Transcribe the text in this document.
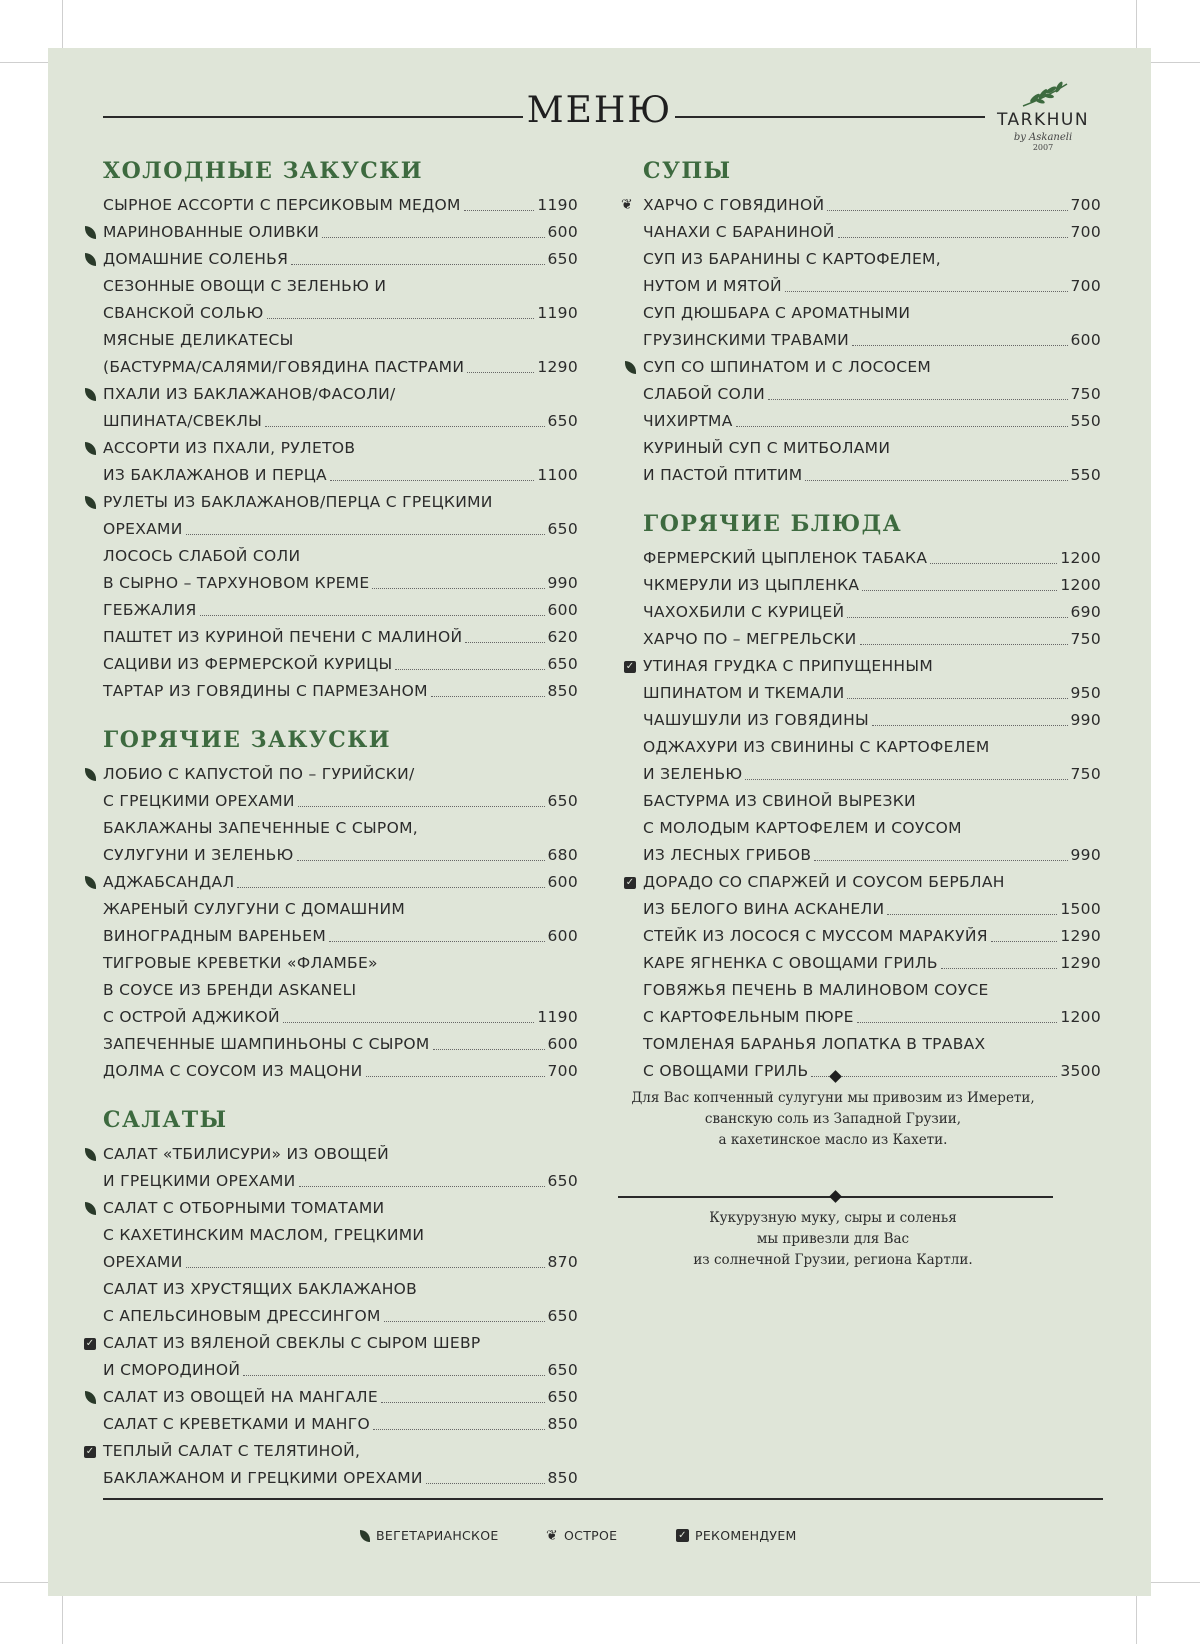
МЕНЮ	TARKHUN
by Askaneli
2007
ХОЛОДНЫЕ ЗАКУСКИ
СЫРНОЕ АССОРТИ С ПЕРСИКОВЫМ МЕДОМ	1190
МАРИНОВАННЫЕ ОЛИВКИ	600
ДОМАШНИЕ СОЛЕНЬЯ	650
СЕЗОННЫЕ ОВОЩИ С ЗЕЛЕНЬЮ И
СВАНСКОЙ СОЛЬЮ	1190
МЯСНЫЕ ДЕЛИКАТЕСЫ
(БАСТУРМА/САЛЯМИ/ГОВЯДИНА ПАСТРАМИ	1290
ПХАЛИ ИЗ БАКЛАЖАНОВ/ФАСОЛИ/
ШПИНАТА/СВЕКЛЫ	650
АССОРТИ ИЗ ПХАЛИ, РУЛЕТОВ
ИЗ БАКЛАЖАНОВ И ПЕРЦА	1100
РУЛЕТЫ ИЗ БАКЛАЖАНОВ/ПЕРЦА С ГРЕЦКИМИ
ОРЕХАМИ	650
ЛОСОСЬ СЛАБОЙ СОЛИ
В СЫРНО – ТАРХУНОВОМ КРЕМЕ	990
ГЕБЖАЛИЯ	600
ПАШТЕТ ИЗ КУРИНОЙ ПЕЧЕНИ С МАЛИНОЙ	620
САЦИВИ ИЗ ФЕРМЕРСКОЙ КУРИЦЫ	650
ТАРТАР ИЗ ГОВЯДИНЫ С ПАРМЕЗАНОМ	850
ГОРЯЧИЕ ЗАКУСКИ
ЛОБИО С КАПУСТОЙ ПО – ГУРИЙСКИ/
С ГРЕЦКИМИ ОРЕХАМИ	650
БАКЛАЖАНЫ ЗАПЕЧЕННЫЕ С СЫРОМ,
СУЛУГУНИ И ЗЕЛЕНЬЮ	680
АДЖАБСАНДАЛ	600
ЖАРЕНЫЙ СУЛУГУНИ С ДОМАШНИМ
ВИНОГРАДНЫМ ВАРЕНЬЕМ	600
ТИГРОВЫЕ КРЕВЕТКИ «ФЛАМБЕ»
В СОУСЕ ИЗ БРЕНДИ ASKANELI
С ОСТРОЙ АДЖИКОЙ	1190
ЗАПЕЧЕННЫЕ ШАМПИНЬОНЫ С СЫРОМ	600
ДОЛМА С СОУСОМ ИЗ МАЦОНИ	700
САЛАТЫ
САЛАТ «ТБИЛИСУРИ» ИЗ ОВОЩЕЙ
И ГРЕЦКИМИ ОРЕХАМИ	650
САЛАТ С ОТБОРНЫМИ ТОМАТАМИ
С КАХЕТИНСКИМ МАСЛОМ, ГРЕЦКИМИ
ОРЕХАМИ	870
САЛАТ ИЗ ХРУСТЯЩИХ БАКЛАЖАНОВ
С АПЕЛЬСИНОВЫМ ДРЕССИНГОМ	650
✓ САЛАТ ИЗ ВЯЛЕНОЙ СВЕКЛЫ С СЫРОМ ШЕВР
И СМОРОДИНОЙ	650
САЛАТ ИЗ ОВОЩЕЙ НА МАНГАЛЕ	650
САЛАТ С КРЕВЕТКАМИ И МАНГО	850
✓ ТЕПЛЫЙ САЛАТ С ТЕЛЯТИНОЙ,
БАКЛАЖАНОМ И ГРЕЦКИМИ ОРЕХАМИ	850
СУПЫ
❦ ХАРЧО С ГОВЯДИНОЙ	700
ЧАНАХИ С БАРАНИНОЙ	700
СУП ИЗ БАРАНИНЫ С КАРТОФЕЛЕМ,
НУТОМ И МЯТОЙ	700
СУП ДЮШБАРА С АРОМАТНЫМИ
ГРУЗИНСКИМИ ТРАВАМИ	600
СУП СО ШПИНАТОМ И С ЛОСОСЕМ
СЛАБОЙ СОЛИ	750
ЧИХИРТМА	550
КУРИНЫЙ СУП С МИТБОЛАМИ
И ПАСТОЙ ПТИТИМ	550
ГОРЯЧИЕ БЛЮДА
ФЕРМЕРСКИЙ ЦЫПЛЕНОК ТАБАКА	1200
ЧКМЕРУЛИ ИЗ ЦЫПЛЕНКА	1200
ЧАХОХБИЛИ С КУРИЦЕЙ	690
ХАРЧО ПО – МЕГРЕЛЬСКИ	750
✓ УТИНАЯ ГРУДКА С ПРИПУЩЕННЫМ
ШПИНАТОМ И ТКЕМАЛИ	950
ЧАШУШУЛИ ИЗ ГОВЯДИНЫ	990
ОДЖАХУРИ ИЗ СВИНИНЫ С КАРТОФЕЛЕМ
И ЗЕЛЕНЬЮ	750
БАСТУРМА ИЗ СВИНОЙ ВЫРЕЗКИ
С МОЛОДЫМ КАРТОФЕЛЕМ И СОУСОМ
ИЗ ЛЕСНЫХ ГРИБОВ	990
✓ ДОРАДО СО СПАРЖЕЙ И СОУСОМ БЕРБЛАН
ИЗ БЕЛОГО ВИНА АСКАНЕЛИ	1500
СТЕЙК ИЗ ЛОСОСЯ С МУССОМ МАРАКУЙЯ	1290
КАРЕ ЯГНЕНКА С ОВОЩАМИ ГРИЛЬ	1290
ГОВЯЖЬЯ ПЕЧЕНЬ В МАЛИНОВОМ СОУСЕ
С КАРТОФЕЛЬНЫМ ПЮРЕ	1200
ТОМЛЕНАЯ БАРАНЬЯ ЛОПАТКА В ТРАВАХ
С ОВОЩАМИ ГРИЛЬ	3500
Для Вас копченный сулугуни мы привозим из Имерети,
сванскую соль из Западной Грузии,
а кахетинское масло из Кахети.
Кукурузную муку, сыры и соленья
мы привезли для Вас
из солнечной Грузии, региона Картли.
ВЕГЕТАРИАНСКОЕ	❦ ОСТРОЕ	✓ РЕКОМЕНДУЕМ
